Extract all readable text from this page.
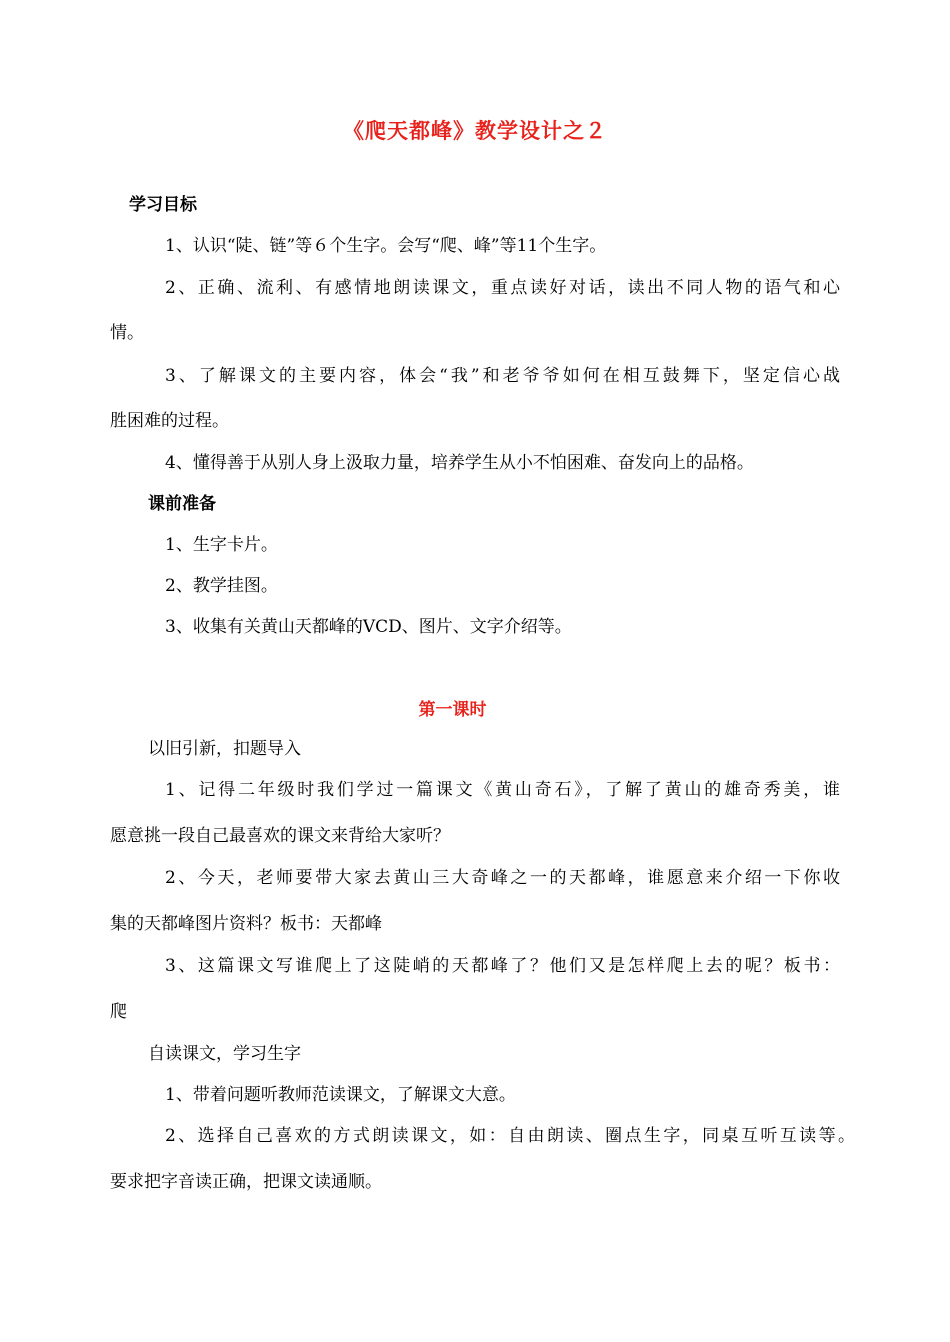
《爬天都峰》教学设计之２
学习目标
1、认识“陡、链”等６个生字。会写“爬、峰”等11个生字。
2、正确、流利、有感情地朗读课文，重点读好对话，读出不同人物的语气和心
情。
3、了解课文的主要内容，体会“我”和老爷爷如何在相互鼓舞下，坚定信心战
胜困难的过程。
4、懂得善于从别人身上汲取力量，培养学生从小不怕困难、奋发向上的品格。
课前准备
1、生字卡片。
2、教学挂图。
3、收集有关黄山天都峰的VCD、图片、文字介绍等。
第一课时
以旧引新，扣题导入
1、记得二年级时我们学过一篇课文《黄山奇石》，了解了黄山的雄奇秀美，谁
愿意挑一段自己最喜欢的课文来背给大家听？
2、今天，老师要带大家去黄山三大奇峰之一的天都峰，谁愿意来介绍一下你收
集的天都峰图片资料？板书：天都峰
3、这篇课文写谁爬上了这陡峭的天都峰了？他们又是怎样爬上去的呢？板书：
爬
自读课文，学习生字
1、带着问题听教师范读课文，了解课文大意。
2、选择自己喜欢的方式朗读课文，如：自由朗读、圈点生字，同桌互听互读等。
要求把字音读正确，把课文读通顺。
